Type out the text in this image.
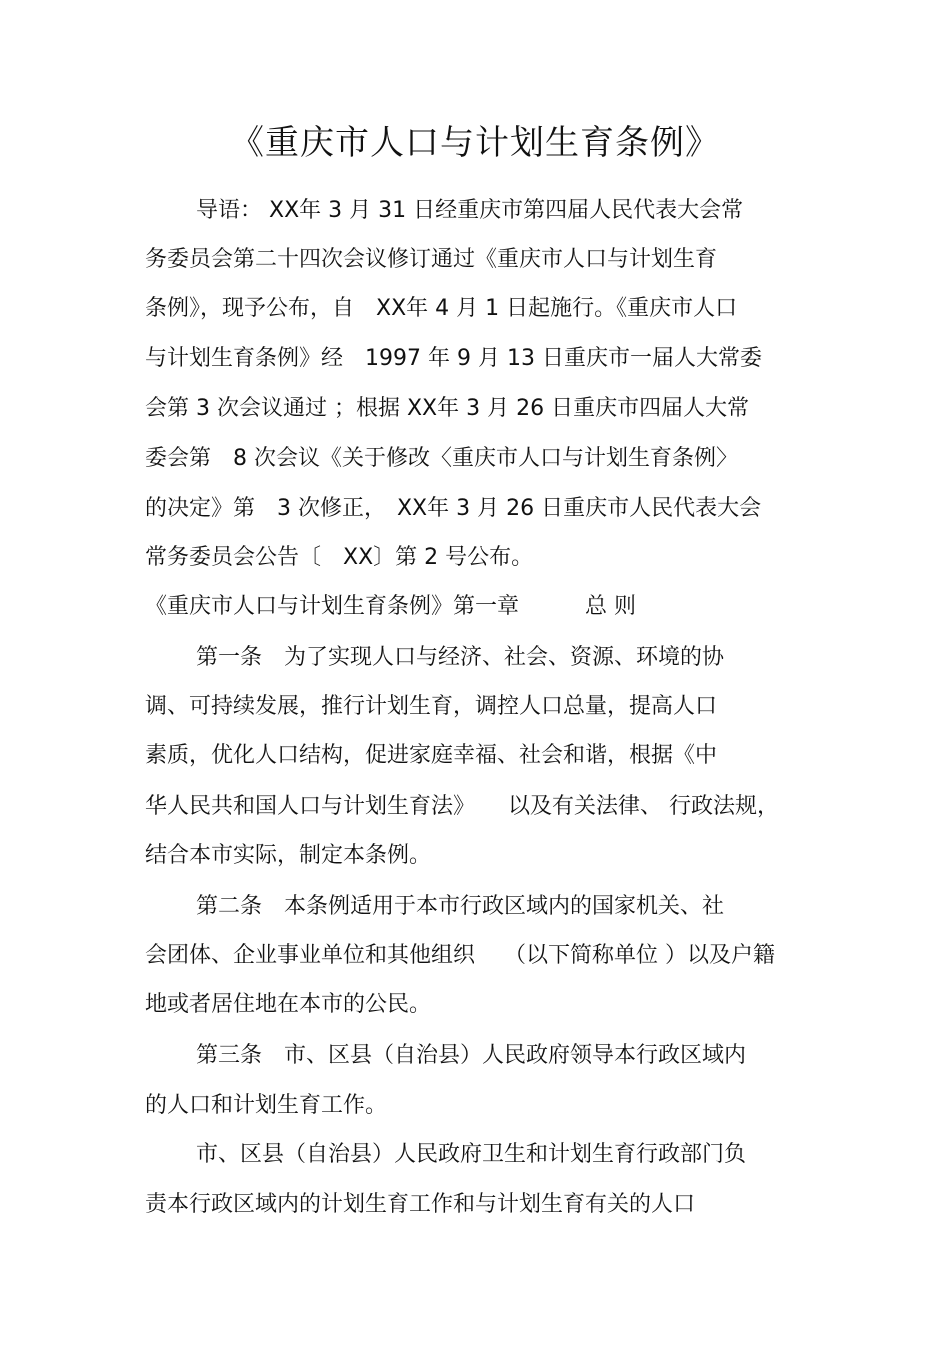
《重庆市人口与计划生育条例》
导语： XX年 3 月 31 日经重庆市第四届人民代表大会常
务委员会第二十四次会议修订通过《重庆市人口与计划生育
条例》，现予公布，自　XX年 4 月 1 日起施行。《重庆市人口
与计划生育条例》经　1997 年 9 月 13 日重庆市一届人大常委
会第 3 次会议通过 ；根据 XX年 3 月 26 日重庆市四届人大常
委会第　8 次会议《关于修改〈重庆市人口与计划生育条例〉
的决定》第　3 次修正，　XX年 3 月 26 日重庆市人民代表大会
常务委员会公告〔　XX〕第 2 号公布。
《重庆市人口与计划生育条例》第一章　　　总 则
第一条　为了实现人口与经济、社会、资源、环境的协
调、可持续发展，推行计划生育，调控人口总量，提高人口
素质，优化人口结构，促进家庭幸福、社会和谐，根据《中
华人民共和国人口与计划生育法》　　以及有关法律、 行政法规，
结合本市实际，制定本条例。
第二条　本条例适用于本市行政区域内的国家机关、社
会团体、企业事业单位和其他组织　 （以下简称单位 ）以及户籍
地或者居住地在本市的公民。
第三条　市、区县（自治县）人民政府领导本行政区域内
的人口和计划生育工作。
市、区县（自治县）人民政府卫生和计划生育行政部门负
责本行政区域内的计划生育工作和与计划生育有关的人口
